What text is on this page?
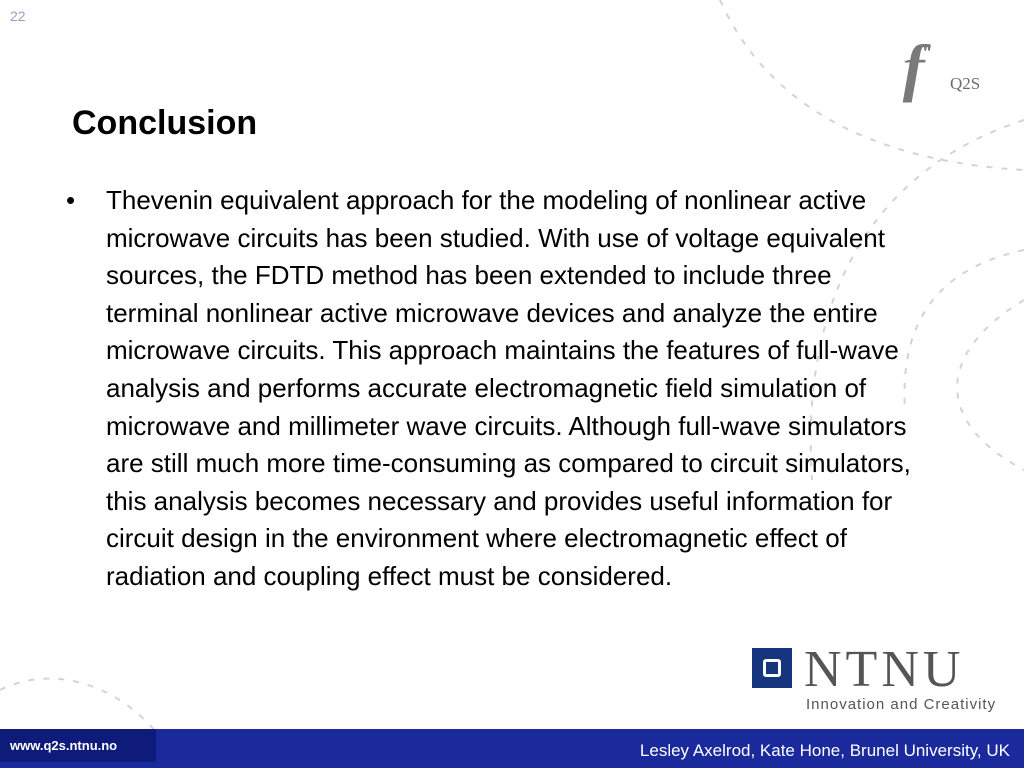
22
ff Q2S
Conclusion
• Thevenin equivalent approach for the modeling of nonlinear active microwave circuits has been studied. With use of voltage equivalent sources, the FDTD method has been extended to include three terminal nonlinear active microwave devices and analyze the entire microwave circuits. This approach maintains the features of full-wave analysis and performs accurate electromagnetic field simulation of microwave and millimeter wave circuits. Although full-wave simulators are still much more time-consuming as compared to circuit simulators, this analysis becomes necessary and provides useful information for circuit design in the environment where electromagnetic effect of radiation and coupling effect must be considered.

NTNU
Innovation and Creativity
www.q2s.ntnu.no	Lesley Axelrod, Kate Hone, Brunel University, UK
